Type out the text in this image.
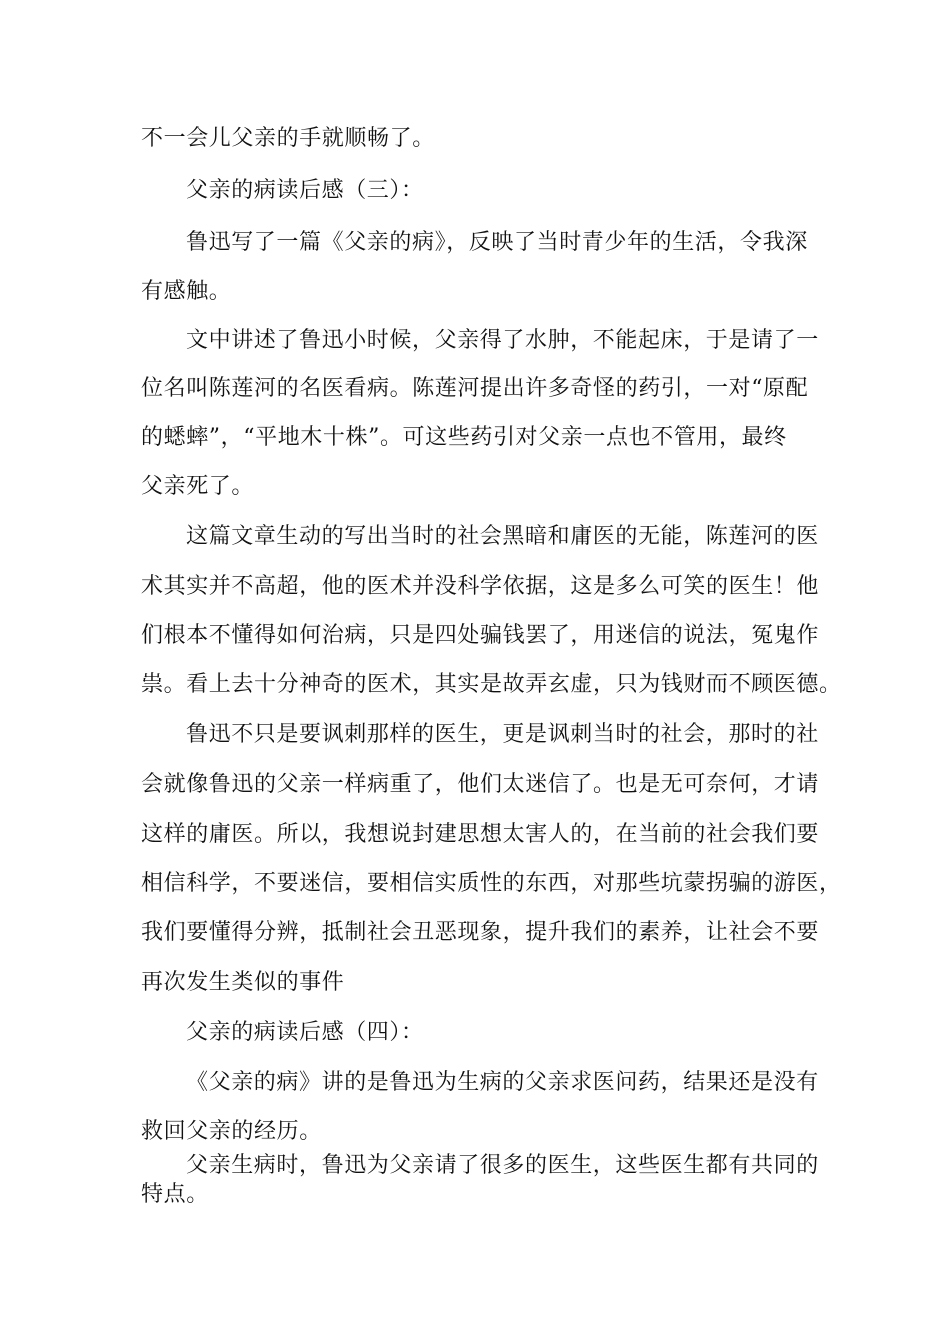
不一会儿父亲的手就顺畅了。
父亲的病读后感（三）：
鲁迅写了一篇《父亲的病》，反映了当时青少年的生活，令我深
有感触。
文中讲述了鲁迅小时候，父亲得了水肿，不能起床，于是请了一
位名叫陈莲河的名医看病。陈莲河提出许多奇怪的药引，一对“原配
的蟋蟀”，“平地木十株”。可这些药引对父亲一点也不管用，最终
父亲死了。
这篇文章生动的写出当时的社会黑暗和庸医的无能，陈莲河的医
术其实并不高超，他的医术并没科学依据，这是多么可笑的医生！他
们根本不懂得如何治病，只是四处骗钱罢了，用迷信的说法，冤鬼作
祟。看上去十分神奇的医术，其实是故弄玄虚，只为钱财而不顾医德。
鲁迅不只是要讽刺那样的医生，更是讽刺当时的社会，那时的社
会就像鲁迅的父亲一样病重了，他们太迷信了。也是无可奈何，才请
这样的庸医。所以，我想说封建思想太害人的，在当前的社会我们要
相信科学，不要迷信，要相信实质性的东西，对那些坑蒙拐骗的游医，
我们要懂得分辨，抵制社会丑恶现象，提升我们的素养，让社会不要
再次发生类似的事件
父亲的病读后感（四）：
《父亲的病》讲的是鲁迅为生病的父亲求医问药，结果还是没有
救回父亲的经历。
父亲生病时，鲁迅为父亲请了很多的医生，这些医生都有共同的
特点。
